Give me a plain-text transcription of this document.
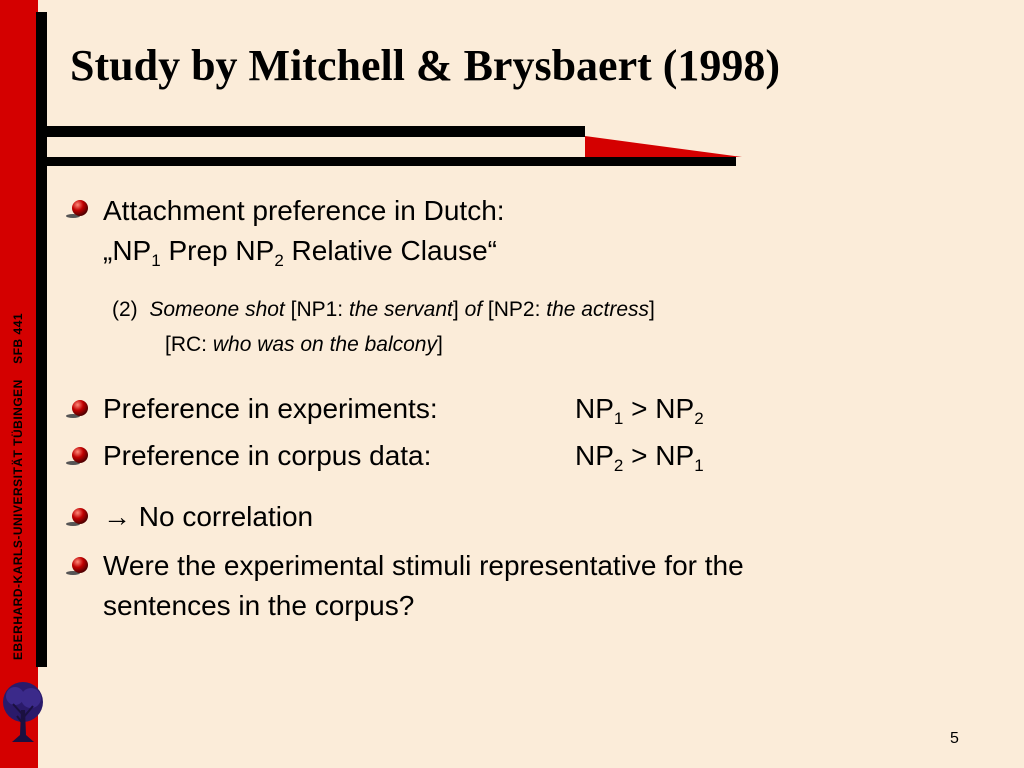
EBERHARD-KARLS-UNIVERSITÄT TÜBINGEN    SFB 441
Study by Mitchell & Brysbaert (1998)
Attachment preference in Dutch:
$„NP_1$ Prep $NP_2$ Relative Clause“
(2) Someone shot [NP1: the servant] of [NP2: the actress]
[RC: who was on the balcony]
Preference in experiments:	$NP_1 > NP_2$
Preference in corpus data:	$NP_2 > NP_1$
→ No correlation
Were the experimental stimuli representative for the
sentences in the corpus?
5
